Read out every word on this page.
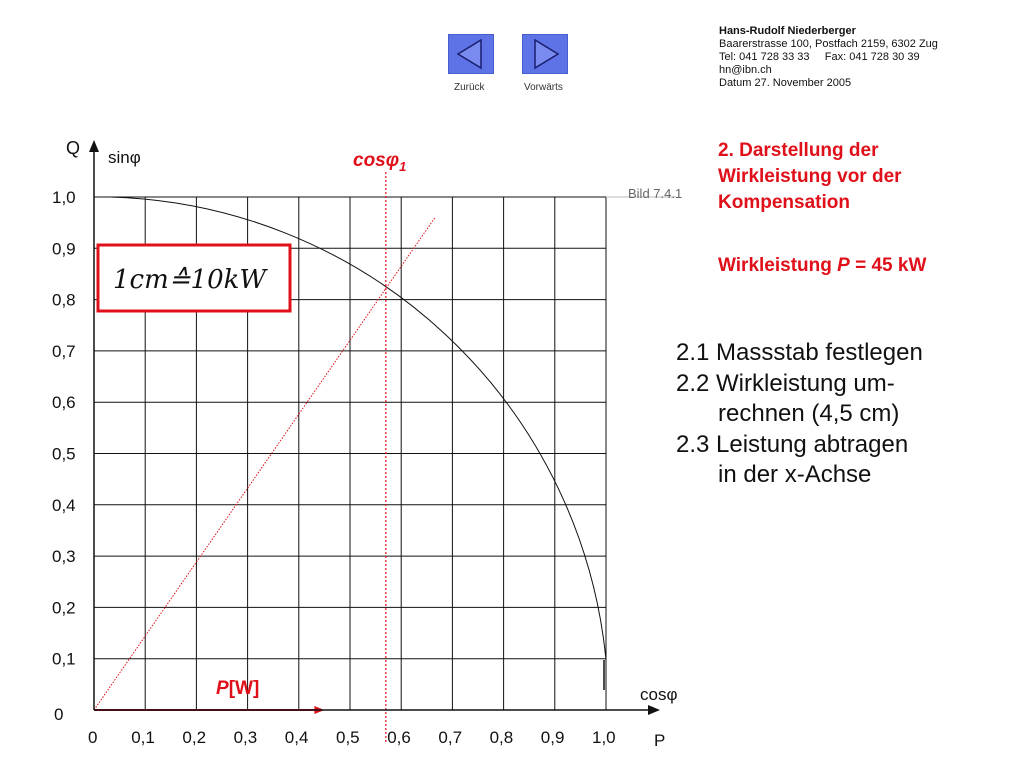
Zurück	Vorwärts
Hans-Rudolf Niederberger
Baarerstrasse 100, Postfach 2159, 6302 Zug
Tel: 041 728 33 33     Fax: 041 728 30 39
hn@ibn.ch
Datum 27. November 2005
2. Darstellung der
Wirkleistung vor der
Kompensation
Wirkleistung P = 45 kW
2.1 Massstab festlegen
2.2 Wirkleistung um-
rechnen (4,5 cm)
2.3 Leistung abtragen
in der x-Achse
0
0
0,1
0,1
0,2
0,2
0,3
0,3
0,4
0,4
0,5
0,5
0,6
0,6
0,7
0,7
0,8
0,8
0,9
0,9
1,0
1,0
1cm≙10kW
Q sinφ
cosφ
P
Bild 7.4.1
cosφ$_1$
P[W]
